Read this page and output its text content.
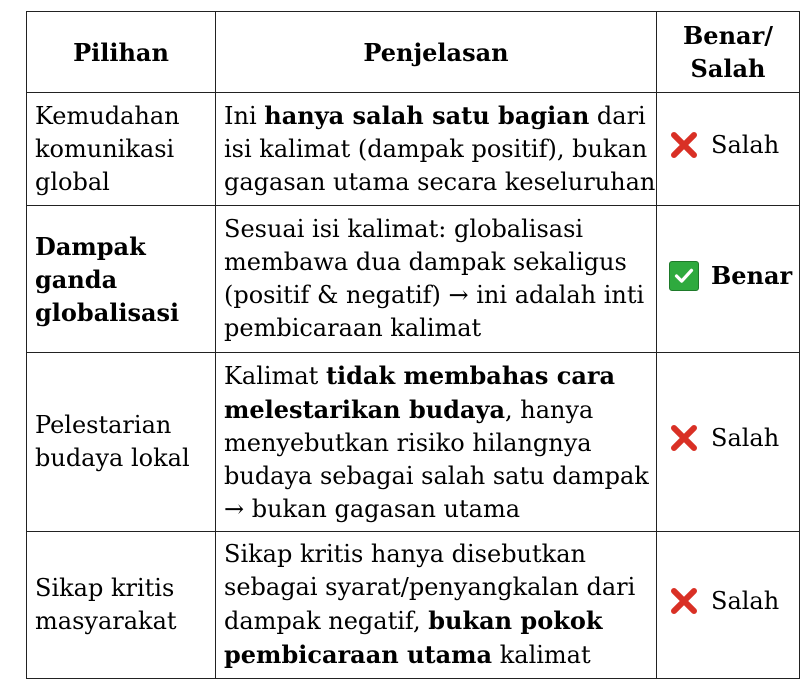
Pilihan	Penjelasan	Benar/
Salah
Kemudahan komunikasi global	Ini hanya salah satu bagian dari isi kalimat (dampak positif), bukan gagasan utama secara keseluruhan	Salah

Dampak ganda globalisasi	Sesuai isi kalimat: globalisasi membawa dua dampak sekaligus (positif & negatif) → ini adalah inti pembicaraan kalimat	Benar

Pelestarian budaya lokal	Kalimat tidak membahas cara melestarikan budaya, hanya menyebutkan risiko hilangnya budaya sebagai salah satu dampak → bukan gagasan utama	Salah

Sikap kritis masyarakat	Sikap kritis hanya disebutkan sebagai syarat/penyangkalan dari dampak negatif, bukan pokok pembicaraan utama kalimat	Salah
